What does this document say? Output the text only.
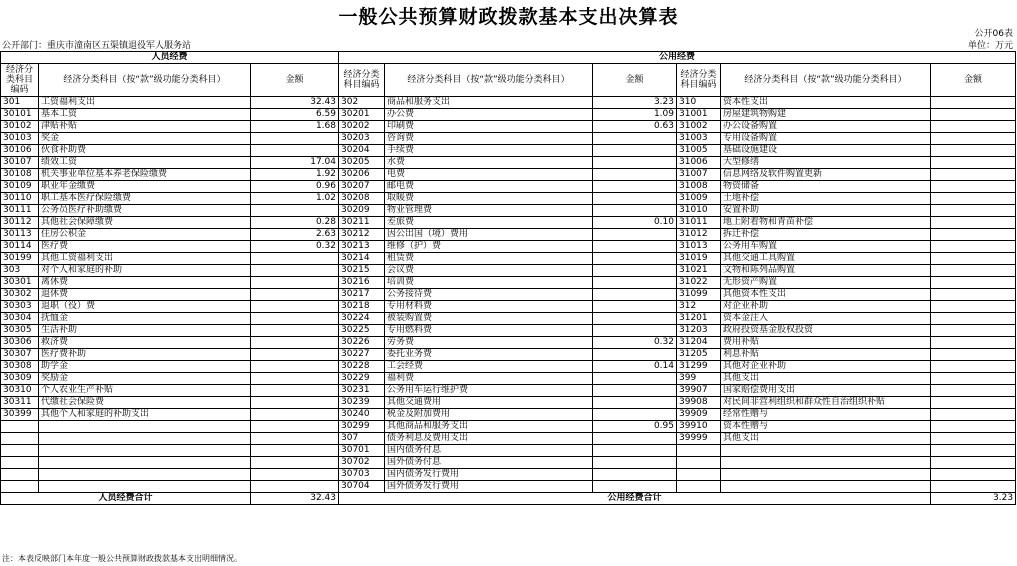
一般公共预算财政拨款基本支出决算表
公开06表
公开部门：重庆市潼南区五渠镇退役军人服务站	单位：万元
人员经费			公用经费					
经济分类科目编码	经济分类科目（按“款”级功能分类科目）	金额	经济分类科目编码	经济分类科目（按“款”级功能分类科目）	金额	经济分类科目编码	经济分类科目（按“款”级功能分类科目）	金额
301	工资福利支出	32.43	302	商品和服务支出	3.23	310	资本性支出	
30101	基本工资	6.59	30201	办公费	1.09	31001	房屋建筑物购建	
30102	津贴补贴	1.68	30202	印刷费	0.63	31002	办公设备购置	
30103	奖金		30203	咨询费		31003	专用设备购置	
30106	伙食补助费		30204	手续费		31005	基础设施建设	
30107	绩效工资	17.04	30205	水费		31006	大型修缮	
30108	机关事业单位基本养老保险缴费	1.92	30206	电费		31007	信息网络及软件购置更新	
30109	职业年金缴费	0.96	30207	邮电费		31008	物资储备	
30110	职工基本医疗保险缴费	1.02	30208	取暖费		31009	土地补偿	
30111	公务员医疗补助缴费		30209	物业管理费		31010	安置补助	
30112	其他社会保障缴费	0.28	30211	差旅费	0.10	31011	地上附着物和青苗补偿	
30113	住房公积金	2.63	30212	因公出国（境）费用		31012	拆迁补偿	
30114	医疗费	0.32	30213	维修（护）费		31013	公务用车购置	
30199	其他工资福利支出		30214	租赁费		31019	其他交通工具购置	
303	对个人和家庭的补助		30215	会议费		31021	文物和陈列品购置	
30301	离休费		30216	培训费		31022	无形资产购置	
30302	退休费		30217	公务接待费		31099	其他资本性支出	
30303	退职（役）费		30218	专用材料费		312	对企业补助	
30304	抚恤金		30224	被装购置费		31201	资本金注入	
30305	生活补助		30225	专用燃料费		31203	政府投资基金股权投资	
30306	救济费		30226	劳务费	0.32	31204	费用补贴	
30307	医疗费补助		30227	委托业务费		31205	利息补贴	
30308	助学金		30228	工会经费	0.14	31299	其他对企业补助	
30309	奖励金		30229	福利费		399	其他支出	
30310	个人农业生产补贴		30231	公务用车运行维护费		39907	国家赔偿费用支出	
30311	代缴社会保险费		30239	其他交通费用		39908	对民间非营利组织和群众性自治组织补贴	
30399	其他个人和家庭的补助支出		30240	税金及附加费用		39909	经常性赠与	
			30299	其他商品和服务支出	0.95	39910	资本性赠与	
			307	债务利息及费用支出		39999	其他支出	
			30701	国内债务付息				
			30702	国外债务付息				
			30703	国内债务发行费用				
			30704	国外债务发行费用				
人员经费合计		32.43	公用经费合计					3.23
注：本表反映部门本年度一般公共预算财政拨款基本支出明细情况。
